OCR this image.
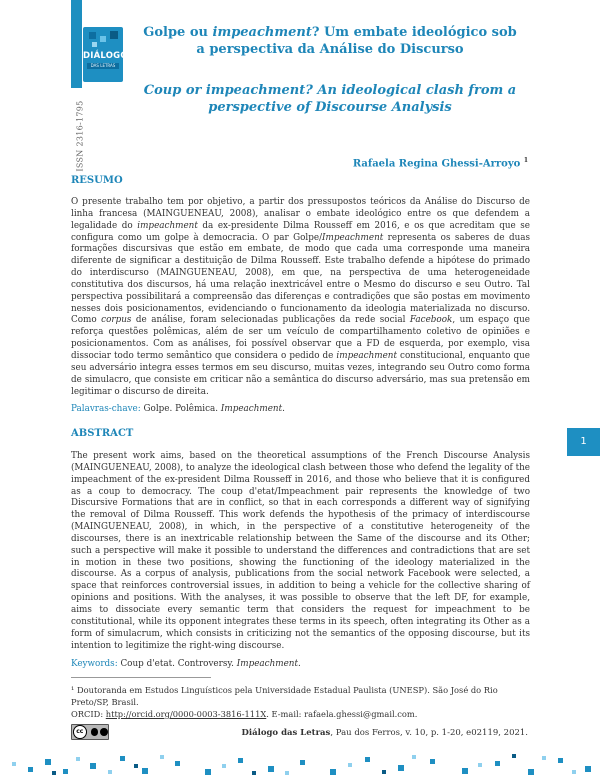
DIÁLOGO
DAS LETRAS
ISSN 2316-1795
Golpe ou impeachment? Um embate ideológico sob a perspectiva da Análise do Discurso
Coup or impeachment? An ideological clash from a perspective of Discourse Analysis
Rafaela Regina Ghessi-Arroyo $^1$
RESUMO
O presente trabalho tem por objetivo, a partir dos pressupostos teóricos da Análise do Discurso de linha francesa (MAINGUENEAU, 2008), analisar o embate ideológico entre os que defendem a legalidade do impeachment da ex-presidente Dilma Rousseff em 2016, e os que acreditam que se configura como um golpe à democracia. O par Golpe/Impeachment representa os saberes de duas formações discursivas que estão em embate, de modo que cada uma corresponde uma maneira diferente de significar a destituição de Dilma Rousseff. Este trabalho defende a hipótese do primado do interdiscurso (MAINGUENEAU, 2008), em que, na perspectiva de uma heterogeneidade constitutiva dos discursos, há uma relação inextricável entre o Mesmo do discurso e seu Outro. Tal perspectiva possibilitará a compreensão das diferenças e contradições que são postas em movimento nesses dois posicionamentos, evidenciando o funcionamento da ideologia materializada no discurso. Como corpus de análise, foram selecionadas publicações da rede social Facebook, um espaço que reforça questões polêmicas, além de ser um veículo de compartilhamento coletivo de opiniões e posicionamentos. Com as análises, foi possível observar que a FD de esquerda, por exemplo, visa dissociar todo termo semântico que considera o pedido de impeachment constitucional, enquanto que seu adversário integra esses termos em seu discurso, muitas vezes, integrando seu Outro como forma de simulacro, que consiste em criticar não a semântica do discurso adversário, mas sua pretensão em legitimar o discurso de direita.
Palavras-chave: Golpe. Polêmica. Impeachment.
ABSTRACT
The present work aims, based on the theoretical assumptions of the French Discourse Analysis (MAINGUENEAU, 2008), to analyze the ideological clash between those who defend the legality of the impeachment of the ex-president Dilma Rousseff in 2016, and those who believe that it is configured as a coup to democracy. The coup d'etat/Impeachment pair represents the knowledge of two Discursive Formations that are in conflict, so that in each corresponds a different way of signifying the removal of Dilma Rousseff. This work defends the hypothesis of the primacy of interdiscourse (MAINGUENEAU, 2008), in which, in the perspective of a constitutive heterogeneity of the discourses, there is an inextricable relationship between the Same of the discourse and its Other; such a perspective will make it possible to understand the differences and contradictions that are set in motion in these two positions, showing the functioning of the ideology materialized in the discourse. As a corpus of analysis, publications from the social network Facebook were selected, a space that reinforces controversial issues, in addition to being a vehicle for the collective sharing of opinions and positions. With the analyses, it was possible to observe that the left DF, for example, aims to dissociate every semantic term that considers the request for impeachment to be constitutional, while its opponent integrates these terms in its speech, often integrating its Other as a form of simulacrum, which consists in criticizing not the semantics of the opposing discourse, but its intention to legitimize the right-wing discourse.
Keywords: Coup d'etat. Controversy. Impeachment.
1
¹ Doutoranda em Estudos Linguísticos pela Universidade Estadual Paulista (UNESP). São José do Rio Preto/SP, Brasil.
ORCID: http://orcid.org/0000-0003-3816-111X. E-mail: rafaela.ghessi@gmail.com.
cc	Diálogo das Letras, Pau dos Ferros, v. 10, p. 1-20, e02119, 2021.
